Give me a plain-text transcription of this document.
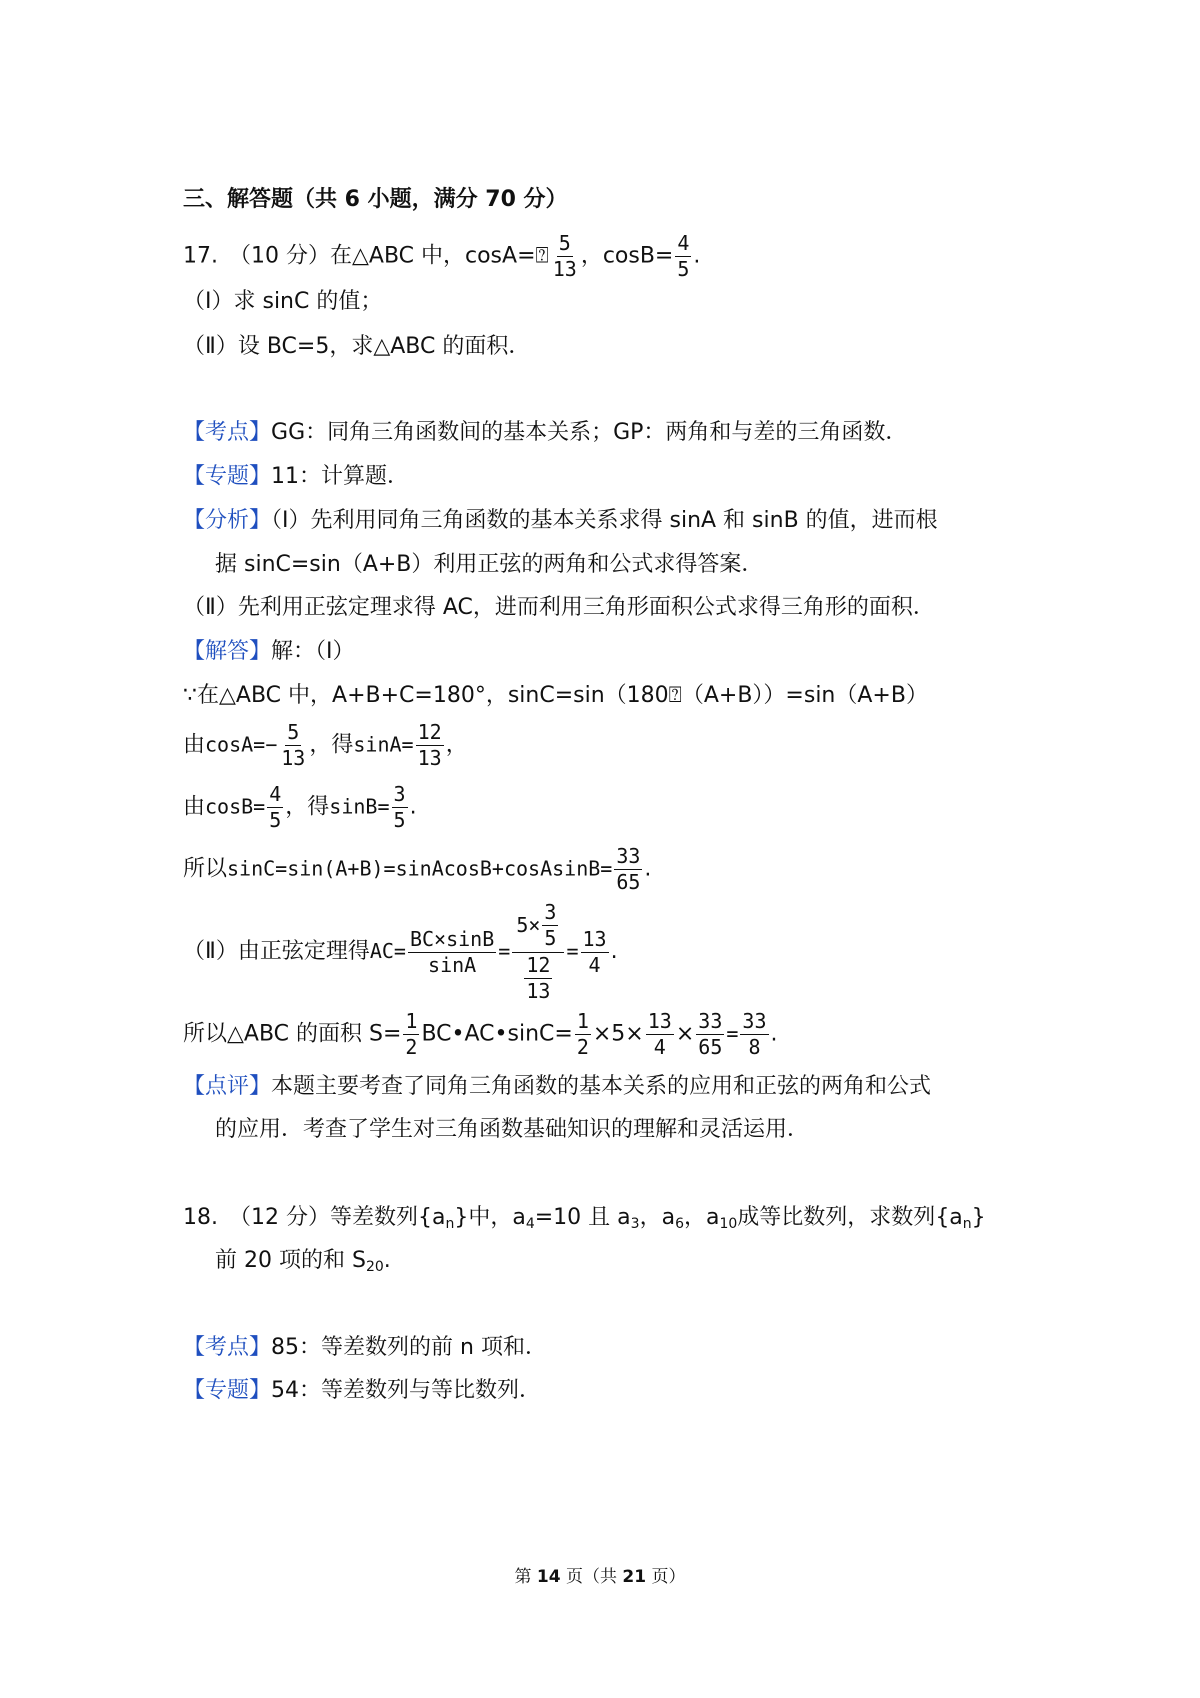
三、解答题（共 6 小题，满分 70 分）
17.　（10 分）在△ABC 中，cosA=⍰ $\frac{5}{13}$ ，$\cos B= \frac{4}{5}$ .
（Ⅰ）求 sinC 的值；
（Ⅱ）设 BC=5，求△ABC 的面积．
【考点】GG：同角三角函数间的基本关系；GP：两角和与差的三角函数．
【专题】11：计算题．
【分析】（Ⅰ）先利用同角三角函数的基本关系求得 sinA 和 sinB 的值，进而根
据 sinC=sin（A+B）利用正弦的两角和公式求得答案．
（Ⅱ）先利用正弦定理求得 AC，进而利用三角形面积公式求得三角形的面积．
【解答】解：（Ⅰ）
∵在△ABC 中，A+B+C=180°，sinC=sin（180⍰（A+B））=sin（A+B）
由$\cos A=- \frac{5}{13}$ ，得$\sin A= \frac{12}{13}$ ，
由$\cos B= \frac{4}{5}$ ，得$\sin B= \frac{3}{5}$ .
所以sinC=sin(A+B)=sinAcosB+cosAsinB= $\frac{33}{65}$ .
（Ⅱ）由正弦定理得$AC= \frac{BC\times\sin B}{\sin A} = \frac{5\times \frac{3}{5}}{\frac{12}{13}} = \frac{13}{4}$ .
所以△ABC 的面积 $S= \frac{1}{2}$ BC•AC•sinC= $\frac{1}{2} \times 5\times \frac{13}{4} \times \frac{33}{65} = \frac{33}{8}$ .
【点评】本题主要考查了同角三角函数的基本关系的应用和正弦的两角和公式
的应用．考查了学生对三角函数基础知识的理解和灵活运用．
18.　（12 分）等差数列$\{a_n\}$中，$a_4=10$ 且 $a_3$，$a_6$，$a_{10}$成等比数列，求数列$\{a_n\}$
前 20 项的和 $S_{20}$.
【考点】85：等差数列的前 n 项和．
【专题】54：等差数列与等比数列．
第 14 页（共 21 页）
